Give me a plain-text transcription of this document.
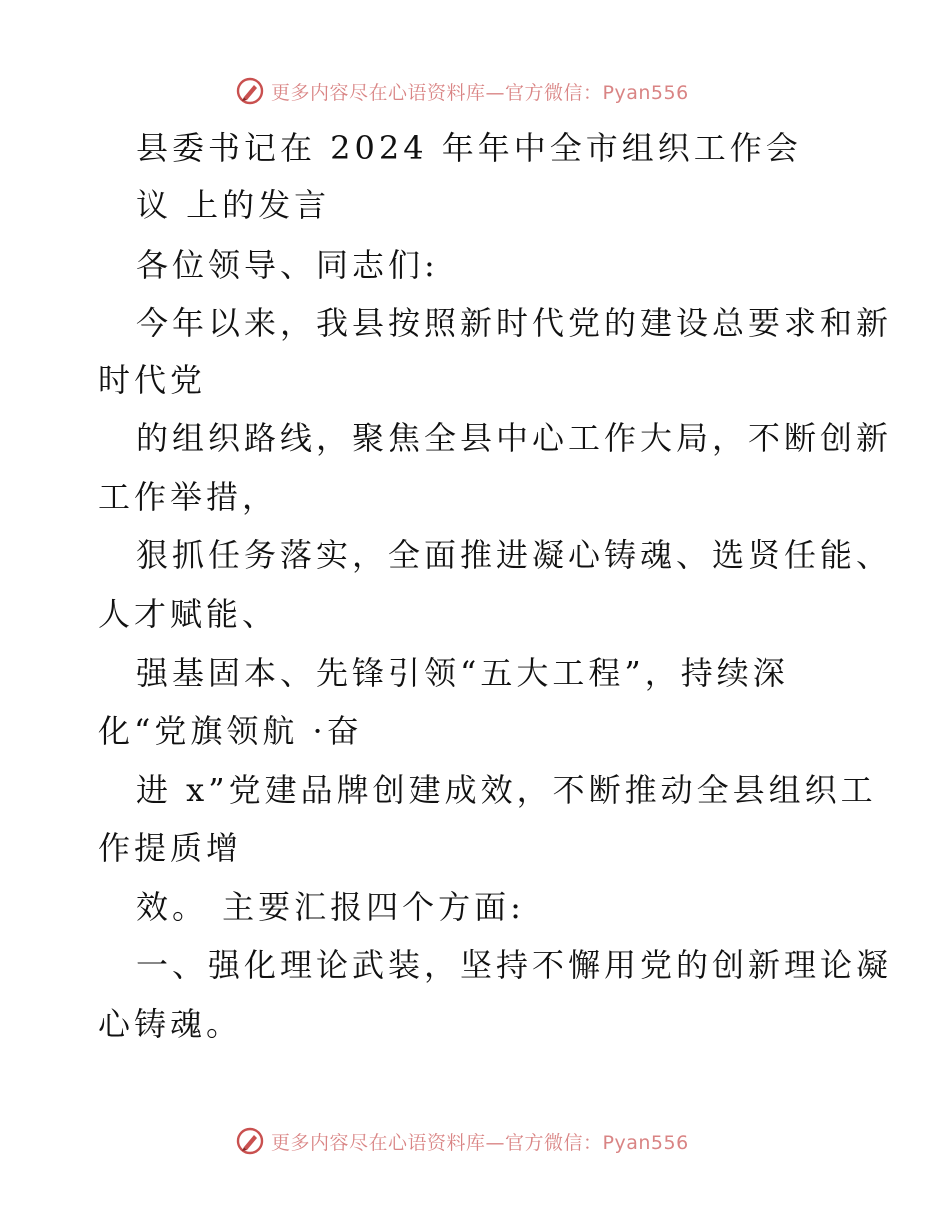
更多内容尽在心语资料库—官方微信：Pyan556
县委书记在 2024 年年中全市组织工作会
议 上的发言
各位领导、同志们:
今年以来，我县按照新时代党的建设总要求和新
时代党
的组织路线，聚焦全县中心工作大局，不断创新
工作举措，
狠抓任务落实，全面推进凝心铸魂、选贤任能、
人才赋能、
强基固本、先锋引领“五大工程”，持续深
化“党旗领航 ·奋
进 x”党建品牌创建成效，不断推动全县组织工
作提质增
效。 主要汇报四个方面:
一、强化理论武装，坚持不懈用党的创新理论凝
心铸魂。
更多内容尽在心语资料库—官方微信：Pyan556
